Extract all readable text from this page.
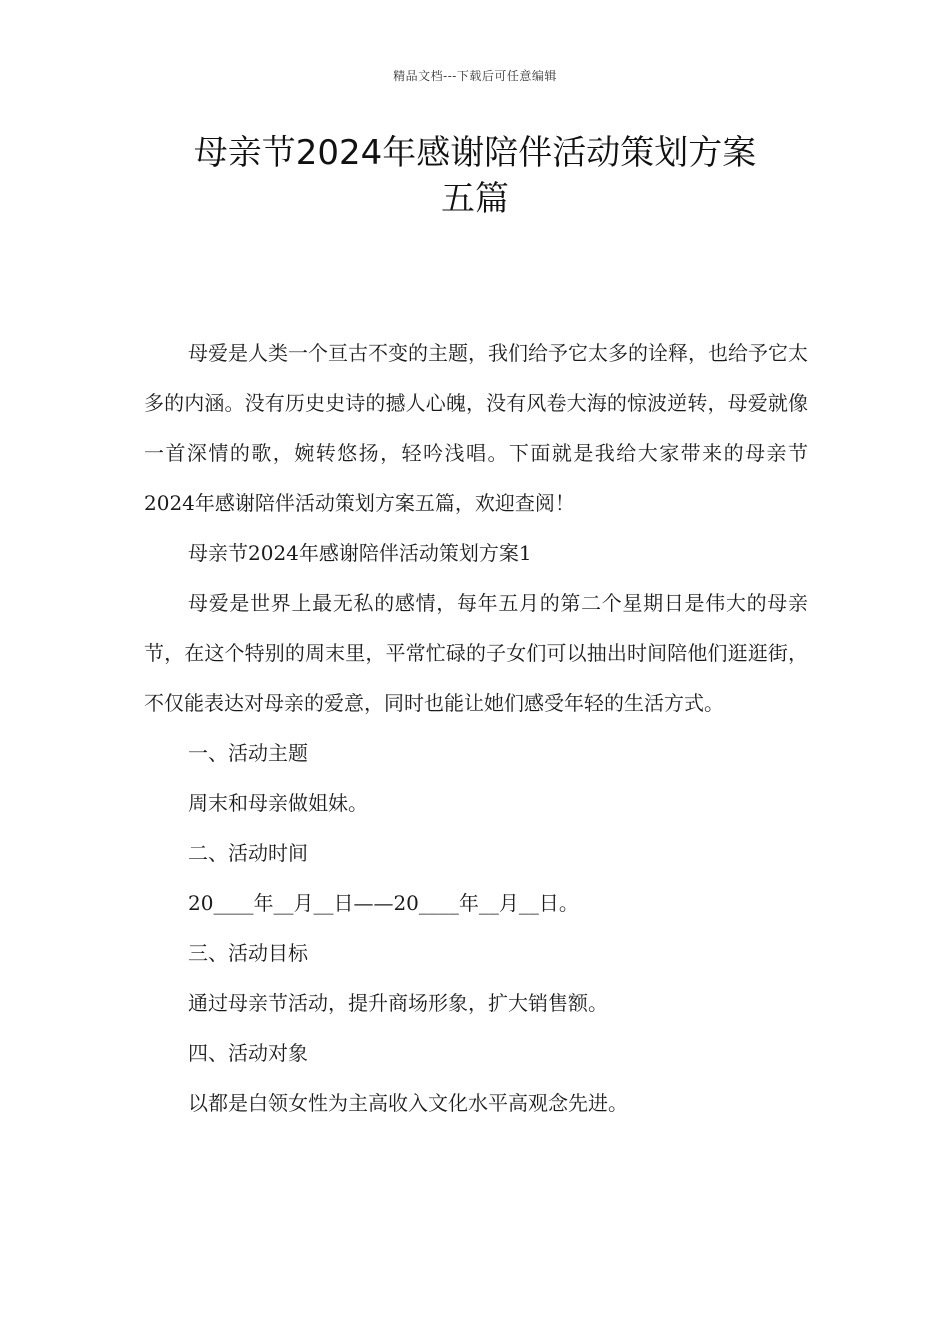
精品文档---下载后可任意编辑
母亲节2024年感谢陪伴活动策划方案
五篇

母爱是人类一个亘古不变的主题，我们给予它太多的诠释，也给予它太多的内涵。没有历史史诗的撼人心魄，没有风卷大海的惊波逆转，母爱就像一首深情的歌，婉转悠扬，轻吟浅唱。下面就是我给大家带来的母亲节2024年感谢陪伴活动策划方案五篇，欢迎查阅！

母亲节2024年感谢陪伴活动策划方案1

母爱是世界上最无私的感情，每年五月的第二个星期日是伟大的母亲节，在这个特别的周末里，平常忙碌的子女们可以抽出时间陪他们逛逛街，不仅能表达对母亲的爱意，同时也能让她们感受年轻的生活方式。

一、活动主题

周末和母亲做姐妹。

二、活动时间

20____年__月__日——20____年__月__日。

三、活动目标

通过母亲节活动，提升商场形象，扩大销售额。

四、活动对象

以都是白领女性为主高收入文化水平高观念先进。
